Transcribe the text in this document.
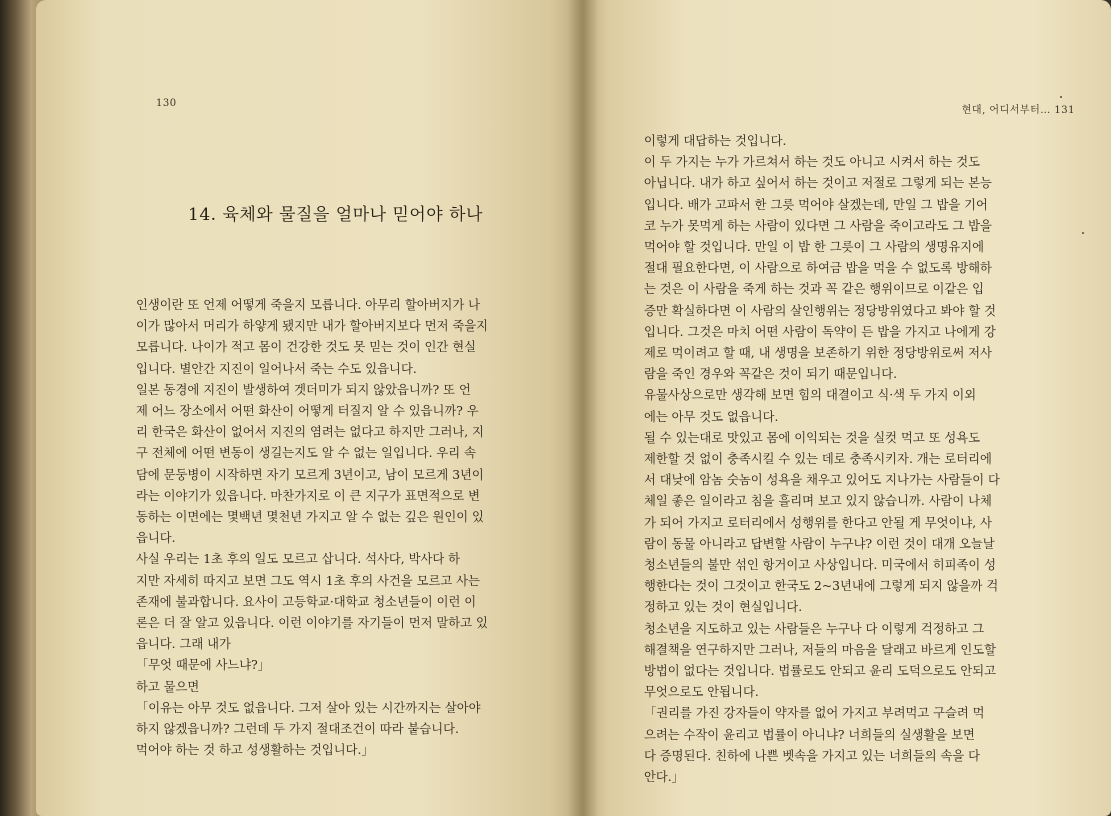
130
현대, 어디서부터… 131
14. 육체와 물질을 얼마나 믿어야 하나
인생이란 또 언제 어떻게 죽을지 모릅니다. 아무리 할아버지가 나
이가 많아서 머리가 하얗게 됐지만 내가 할아버지보다 먼저 죽을지
모릅니다. 나이가 적고 몸이 건강한 것도 못 믿는 것이 인간 현실
입니다. 별안간 지진이 일어나서 죽는 수도 있읍니다.
일본 동경에 지진이 발생하여 겟더미가 되지 않았읍니까? 또 언
제 어느 장소에서 어떤 화산이 어떻게 터질지 알 수 있읍니까? 우
리 한국은 화산이 없어서 지진의 염려는 없다고 하지만 그러나, 지
구 전체에 어떤 변동이 생길는지도 알 수 없는 일입니다. 우리 속
담에 문둥병이 시작하면 자기 모르게 3년이고, 남이 모르게 3년이
라는 이야기가 있읍니다. 마찬가지로 이 큰 지구가 표면적으로 변
동하는 이면에는 몇백년 몇천년 가지고 알 수 없는 깊은 원인이 있
읍니다.
사실 우리는 1초 후의 일도 모르고 삽니다. 석사다, 박사다 하
지만 자세히 따지고 보면 그도 역시 1초 후의 사건을 모르고 사는
존재에 불과합니다. 요사이 고등학교·대학교 청소년들이 이런 이
론은 더 잘 알고 있읍니다. 이런 이야기를 자기들이 먼저 말하고 있
읍니다. 그래 내가
「무엇 때문에 사느냐?」
하고 물으면
「이유는 아무 것도 없읍니다. 그저 살아 있는 시간까지는 살아야
하지 않겠읍니까? 그런데 두 가지 절대조건이 따라 붙습니다.
먹어야 하는 것 하고 성생활하는 것입니다.」
이렇게 대답하는 것입니다.
이 두 가지는 누가 가르쳐서 하는 것도 아니고 시켜서 하는 것도
아닙니다. 내가 하고 싶어서 하는 것이고 저절로 그렇게 되는 본능
입니다. 배가 고파서 한 그릇 먹어야 살겠는데, 만일 그 밥을 기어
코 누가 못먹게 하는 사람이 있다면 그 사람을 죽이고라도 그 밥을
먹어야 할 것입니다. 만일 이 밥 한 그릇이 그 사람의 생명유지에
절대 필요한다면, 이 사람으로 하여금 밥을 먹을 수 없도록 방해하
는 것은 이 사람을 죽게 하는 것과 꼭 같은 행위이므로 이같은 입
증만 확실하다면 이 사람의 살인행위는 정당방위였다고 봐야 할 것
입니다. 그것은 마치 어떤 사람이 독약이 든 밥을 가지고 나에게 강
제로 먹이려고 할 때, 내 생명을 보존하기 위한 정당방위로써 저사
람을 죽인 경우와 꼭같은 것이 되기 때문입니다.
유물사상으로만 생각해 보면 힘의 대결이고 식·색 두 가지 이외
에는 아무 것도 없읍니다.
될 수 있는대로 맛있고 몸에 이익되는 것을 실컷 먹고 또 성욕도
제한할 것 없이 충족시킬 수 있는 데로 충족시키자. 개는 로터리에
서 대낮에 암놈 숫놈이 성욕을 채우고 있어도 지나가는 사람들이 다
체일 좋은 일이라고 침을 흘리며 보고 있지 않습니까. 사람이 나체
가 되어 가지고 로터리에서 성행위를 한다고 안될 게 무엇이냐, 사
람이 동물 아니라고 답변할 사람이 누구냐? 이런 것이 대개 오늘날
청소년들의 불만 섞인 항거이고 사상입니다. 미국에서 히피족이 성
행한다는 것이 그것이고 한국도 2~3년내에 그렇게 되지 않을까 걱
정하고 있는 것이 현실입니다.
청소년을 지도하고 있는 사람들은 누구나 다 이렇게 걱정하고 그
해결책을 연구하지만 그러나, 저들의 마음을 달래고 바르게 인도할
방법이 없다는 것입니다. 법률로도 안되고 윤리 도덕으로도 안되고
무엇으로도 안됩니다.
「권리를 가진 강자들이 약자를 없어 가지고 부려먹고 구슬려 먹
으려는 수작이 윤리고 법률이 아니냐? 너희들의 실생활을 보면
다 증명된다. 친하에 나쁜 벳속을 가지고 있는 너희들의 속을 다
안다.」
